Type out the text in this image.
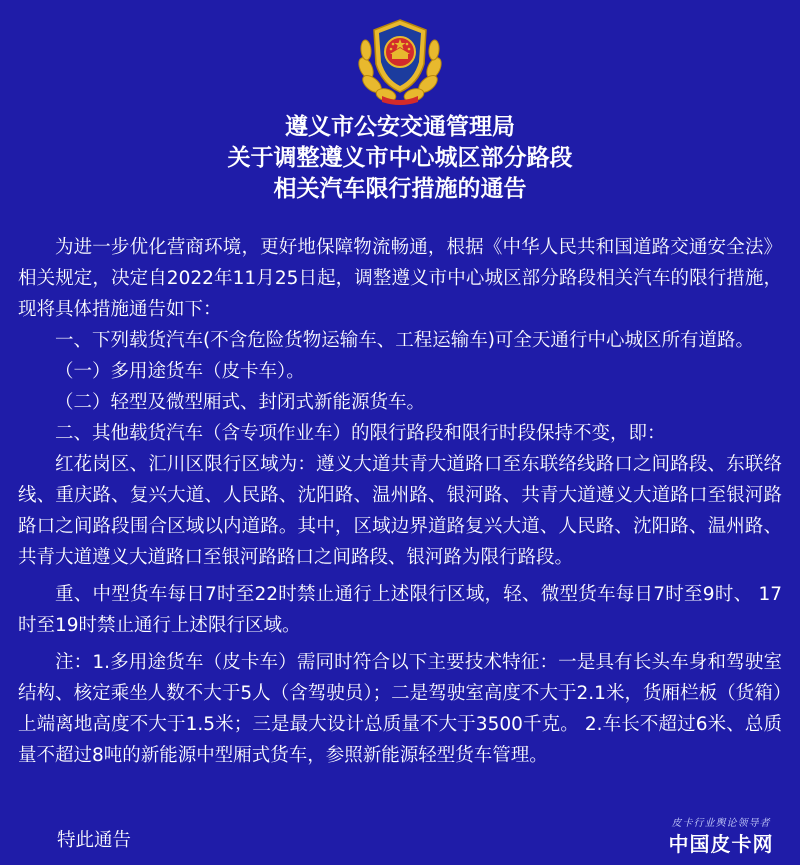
遵义市公安交通管理局
关于调整遵义市中心城区部分路段
相关汽车限行措施的通告

为进一步优化营商环境，更好地保障物流畅通，根据《中华人民共和国道路交通安全法》相关规定，决定自2022年11月25日起，调整遵义市中心城区部分路段相关汽车的限行措施，现将具体措施通告如下：

一、下列载货汽车(不含危险货物运输车、工程运输车)可全天通行中心城区所有道路。

（一）多用途货车（皮卡车）。

（二）轻型及微型厢式、封闭式新能源货车。

二、其他载货汽车（含专项作业车）的限行路段和限行时段保持不变，即：

红花岗区、汇川区限行区域为：遵义大道共青大道路口至东联络线路口之间路段、东联络线、重庆路、复兴大道、人民路、沈阳路、温州路、银河路、共青大道遵义大道路口至银河路路口之间路段围合区域以内道路。其中，区域边界道路复兴大道、人民路、沈阳路、温州路、共青大道遵义大道路口至银河路路口之间路段、银河路为限行路段。

重、中型货车每日7时至22时禁止通行上述限行区域，轻、微型货车每日7时至9时、 17时至19时禁止通行上述限行区域。

注：1.多用途货车（皮卡车）需同时符合以下主要技术特征：一是具有长头车身和驾驶室结构、核定乘坐人数不大于5人（含驾驶员）；二是驾驶室高度不大于2.1米，货厢栏板（货箱）上端离地高度不大于1.5米；三是最大设计总质量不大于3500千克。 2.车长不超过6米、总质量不超过8吨的新能源中型厢式货车，参照新能源轻型货车管理。

特此通告
皮卡行业舆论领导者
中国皮卡网
